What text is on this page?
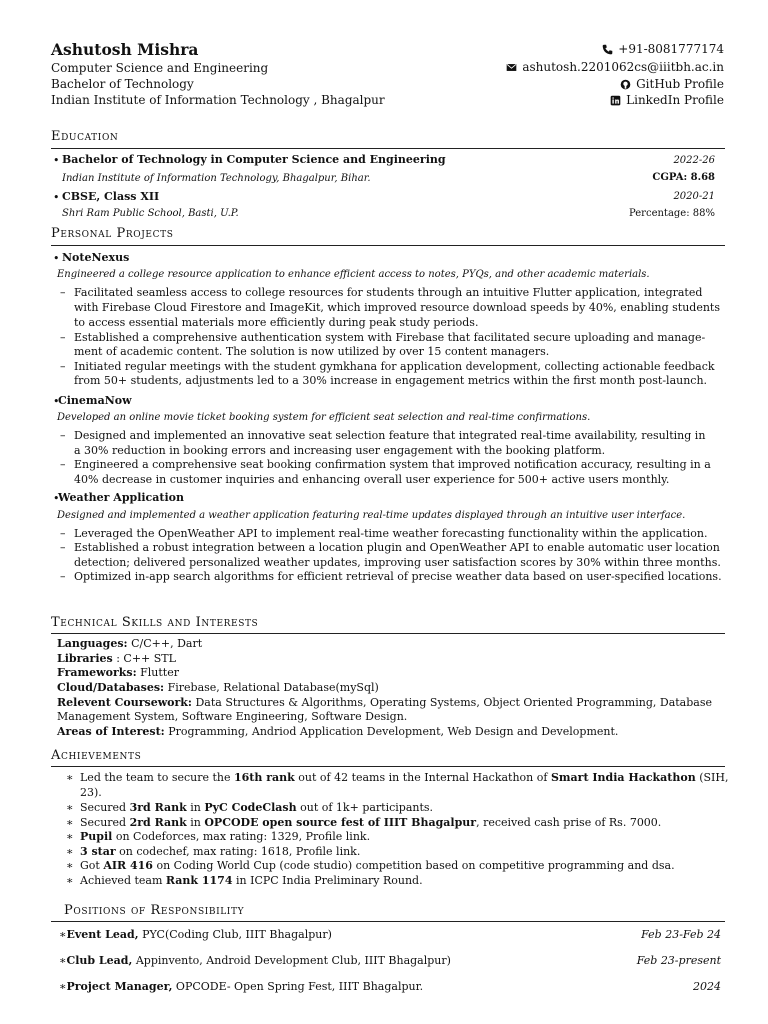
Ashutosh Mishra
Computer Science and Engineering
Bachelor of Technology
Indian Institute of Information Technology , Bhagalpur
+91-8081777174
ashutosh.2201062cs@iiitbh.ac.in
GitHub Profile
LinkedIn Profile
Education
• Bachelor of Technology in Computer Science and Engineering	2022-26
Indian Institute of Information Technology, Bhagalpur, Bihar.	CGPA: 8.68
• CBSE, Class XII	2020-21
Shri Ram Public School, Basti, U.P.	Percentage: 88%
Personal Projects
• NoteNexus
Engineered a college resource application to enhance efficient access to notes, PYQs, and other academic materials.
– Facilitated seamless access to college resources for students through an intuitive Flutter application, integrated
with Firebase Cloud Firestore and ImageKit, which improved resource download speeds by 40%, enabling students
to access essential materials more efficiently during peak study periods.
– Established a comprehensive authentication system with Firebase that facilitated secure uploading and manage-
ment of academic content. The solution is now utilized by over 15 content managers.
– Initiated regular meetings with the student gymkhana for application development, collecting actionable feedback
from 50+ students, adjustments led to a 30% increase in engagement metrics within the first month post-launch.
•
CinemaNow
Developed an online movie ticket booking system for efficient seat selection and real-time confirmations.
– Designed and implemented an innovative seat selection feature that integrated real-time availability, resulting in
a 30% reduction in booking errors and increasing user engagement with the booking platform.
– Engineered a comprehensive seat booking confirmation system that improved notification accuracy, resulting in a
40% decrease in customer inquiries and enhancing overall user experience for 500+ active users monthly.
•
Weather Application
Designed and implemented a weather application featuring real-time updates displayed through an intuitive user interface.
– Leveraged the OpenWeather API to implement real-time weather forecasting functionality within the application.
– Established a robust integration between a location plugin and OpenWeather API to enable automatic user location
detection; delivered personalized weather updates, improving user satisfaction scores by 30% within three months.
– Optimized in-app search algorithms for efficient retrieval of precise weather data based on user-specified locations.
Technical Skills and Interests
Languages: C/C++, Dart
Libraries : C++ STL
Frameworks: Flutter
Cloud/Databases: Firebase, Relational Database(mySql)
Relevent Coursework: Data Structures & Algorithms, Operating Systems, Object Oriented Programming, Database
Management System, Software Engineering, Software Design.
Areas of Interest: Programming, Andriod Application Development, Web Design and Development.
Achievements
∗ Led the team to secure the 16th rank out of 42 teams in the Internal Hackathon of Smart India Hackathon (SIH,
23).
∗ Secured 3rd Rank in PyC CodeClash out of 1k+ participants.
∗ Secured 2rd Rank in OPCODE open source fest of IIIT Bhagalpur, received cash prise of Rs. 7000.
∗ Pupil on Codeforces, max rating: 1329, Profile link.
∗ 3 star on codechef, max rating: 1618, Profile link.
∗ Got AIR 416 on Coding World Cup (code studio) competition based on competitive programming and dsa.
∗ Achieved team Rank 1174 in ICPC India Preliminary Round.
Positions of Responsibility
∗Event Lead, PYC(Coding Club, IIIT Bhagalpur)	Feb 23-Feb 24
∗Club Lead, Appinvento, Android Development Club, IIIT Bhagalpur)	Feb 23-present
∗Project Manager, OPCODE- Open Spring Fest, IIIT Bhagalpur.	2024
